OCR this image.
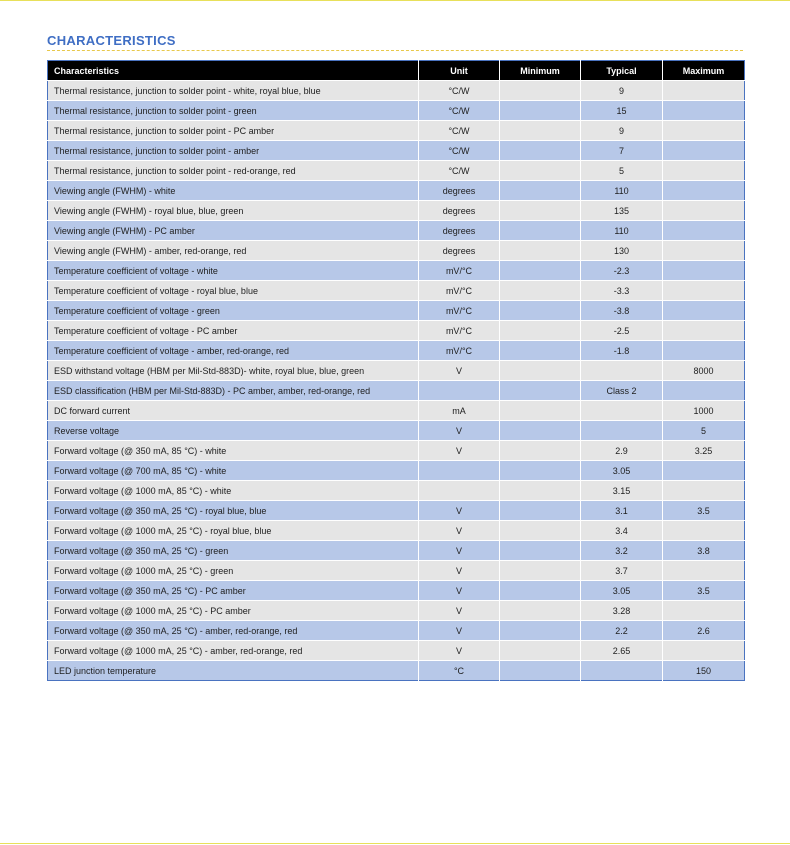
CHARACTERISTICS
Characteristics	Unit	Minimum	Typical	Maximum
Thermal resistance, junction to solder point - white, royal blue, blue	°C/W		9	
Thermal resistance, junction to solder point - green	°C/W		15	
Thermal resistance, junction to solder point - PC amber	°C/W		9	
Thermal resistance, junction to solder point - amber	°C/W		7	
Thermal resistance, junction to solder point - red-orange, red	°C/W		5	
Viewing angle (FWHM) - white	degrees		110	
Viewing angle (FWHM) - royal blue, blue, green	degrees		135	
Viewing angle (FWHM) - PC amber	degrees		110	
Viewing angle (FWHM) - amber, red-orange, red	degrees		130	
Temperature coefficient of voltage - white	mV/°C		-2.3	
Temperature coefficient of voltage - royal blue, blue	mV/°C		-3.3	
Temperature coefficient of voltage - green	mV/°C		-3.8	
Temperature coefficient of voltage - PC amber	mV/°C		-2.5	
Temperature coefficient of voltage - amber, red-orange, red	mV/°C		-1.8	
ESD withstand voltage (HBM per Mil-Std-883D)- white, royal blue, blue, green	V			8000
ESD classification (HBM per Mil-Std-883D) - PC amber, amber, red-orange, red			Class 2	
DC forward current	mA			1000
Reverse voltage	V			5
Forward voltage (@ 350 mA, 85 °C) - white	V		2.9	3.25
Forward voltage (@ 700 mA, 85 °C) - white			3.05	
Forward voltage (@ 1000 mA, 85 °C) - white			3.15	
Forward voltage (@ 350 mA, 25 °C) - royal blue, blue	V		3.1	3.5
Forward voltage (@ 1000 mA, 25 °C) - royal blue, blue	V		3.4	
Forward voltage (@ 350 mA, 25 °C) - green	V		3.2	3.8
Forward voltage (@ 1000 mA, 25 °C) - green	V		3.7	
Forward voltage (@ 350 mA, 25 °C) - PC amber	V		3.05	3.5
Forward voltage (@ 1000 mA, 25 °C) - PC amber	V		3.28	
Forward voltage (@ 350 mA, 25 °C) - amber, red-orange, red	V		2.2	2.6
Forward voltage (@ 1000 mA, 25 °C) - amber, red-orange, red	V		2.65	
LED junction temperature	°C			150
